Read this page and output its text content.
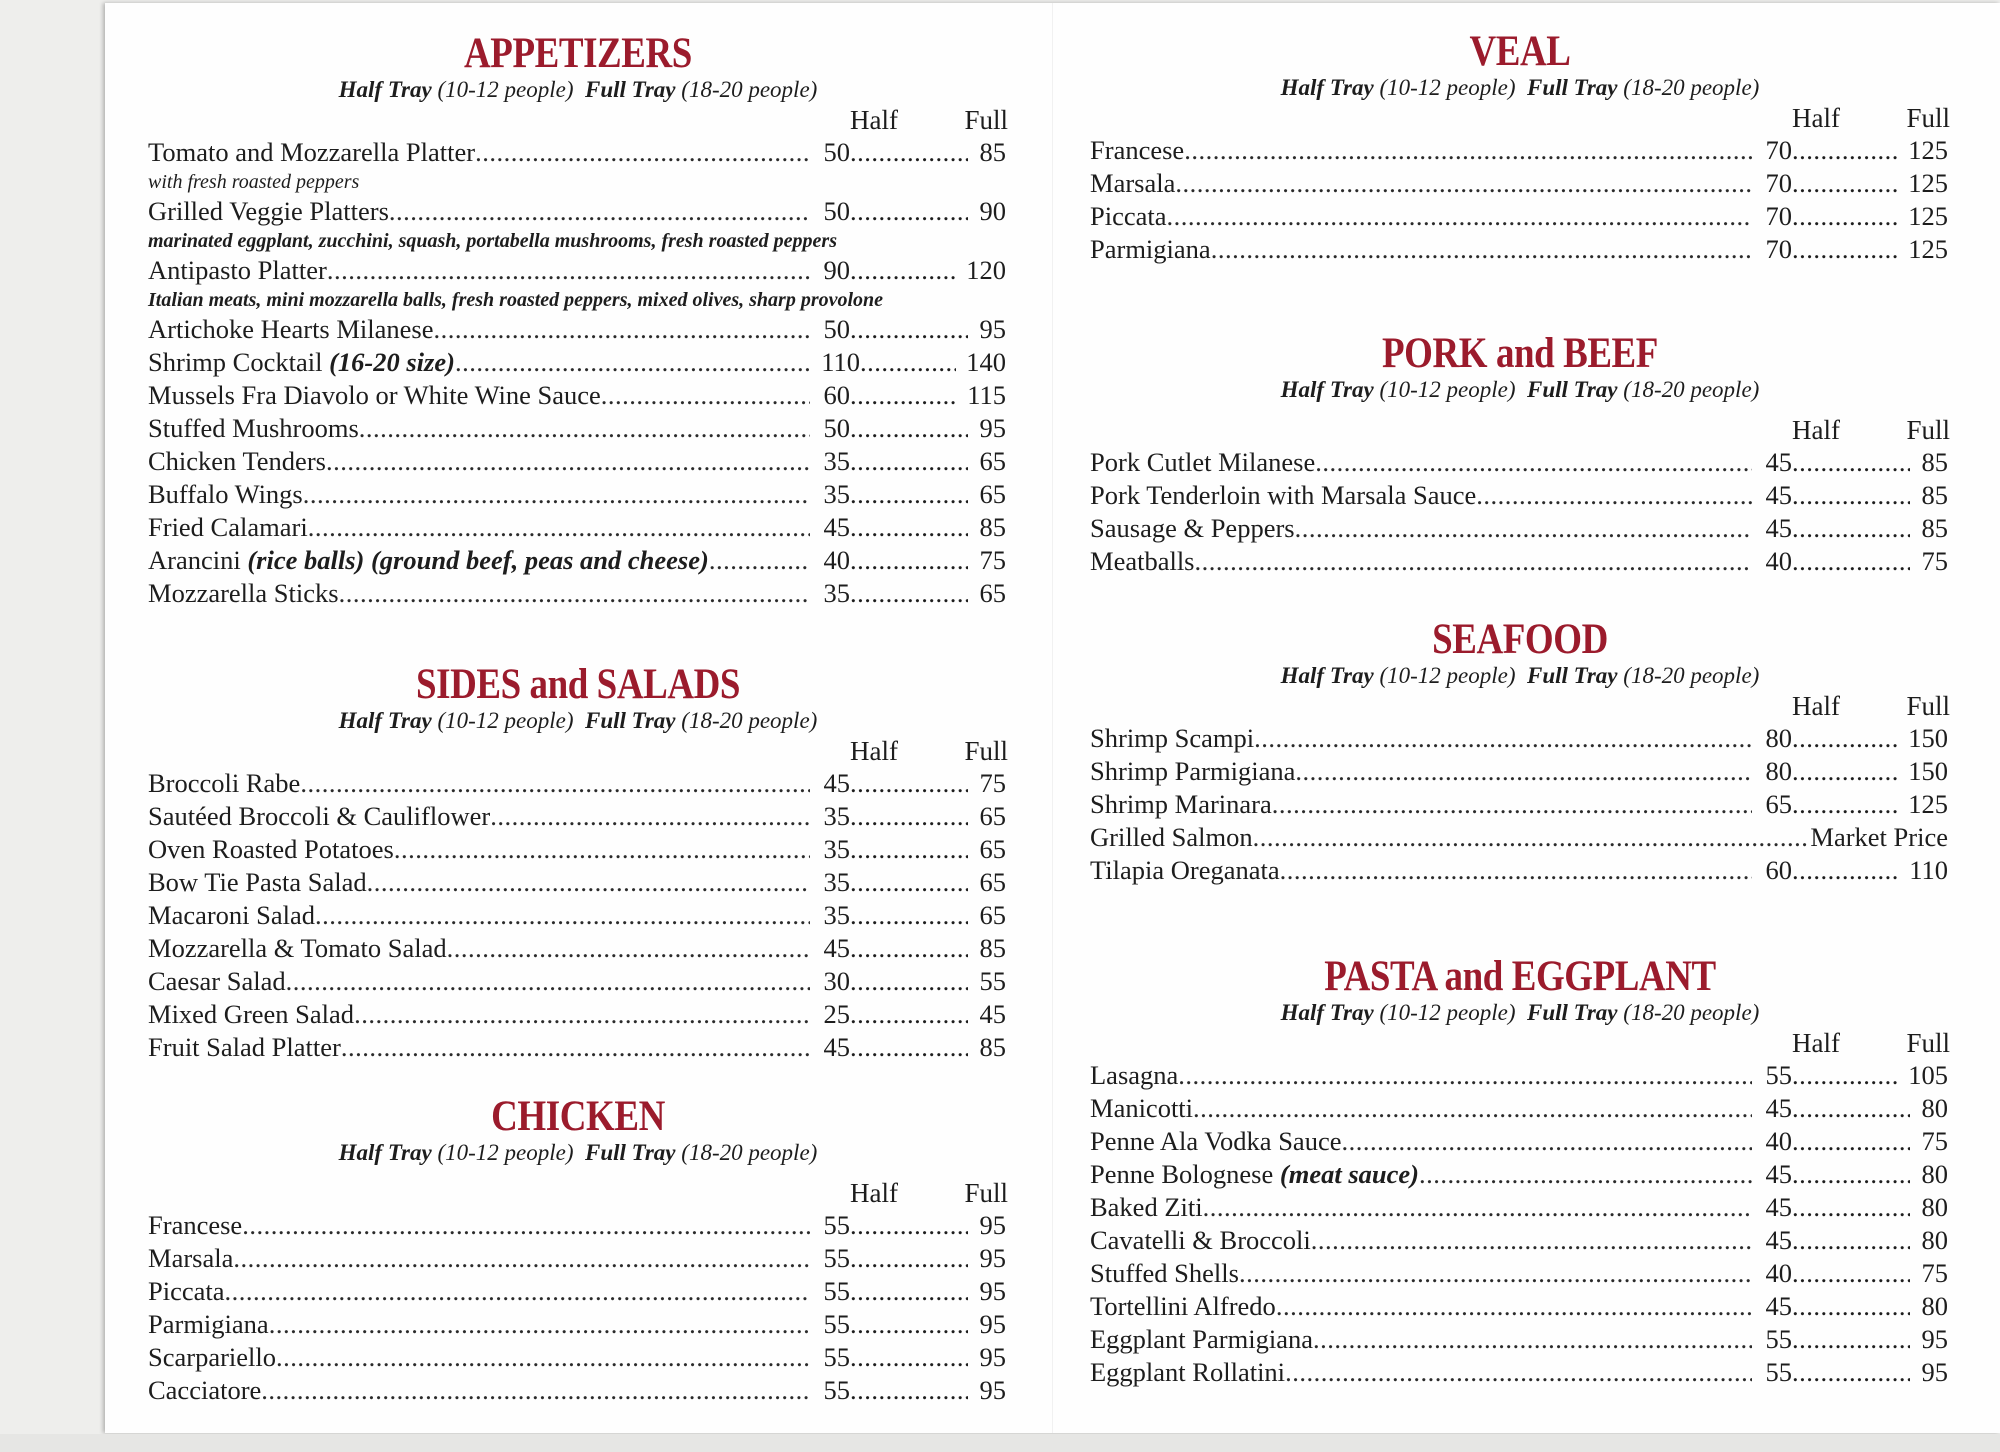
APPETIZERS
Half Tray (10-12 people) Full Tray (18-20 people)
Half	Full
Tomato and Mozzarella Platter .....	50 .....	85
with fresh roasted peppers
Grilled Veggie Platters .....	50 .....	90
marinated eggplant, zucchini, squash, portabella mushrooms, fresh roasted peppers
Antipasto Platter .....	90 .....	120
Italian meats, mini mozzarella balls, fresh roasted peppers, mixed olives, sharp provolone
Artichoke Hearts Milanese .....	50 .....	95
Shrimp Cocktail
(16-20 size) .....	110 .....	140
Mussels Fra Diavolo or White Wine Sauce .....	60 .....	115
Stuffed Mushrooms .....	50 .....	95
Chicken Tenders .....	35 .....	65
Buffalo Wings .....	35 .....	65
Fried Calamari .....	45 .....	85
Arancini
(rice balls) (ground beef, peas and cheese) .....	40 .....	75
Mozzarella Sticks .....	35 .....	65
SIDES and SALADS
Half Tray (10-12 people) Full Tray (18-20 people)
Half	Full
Broccoli Rabe .....	45 .....	75
Sautéed Broccoli & Cauliflower .....	35 .....	65
Oven Roasted Potatoes .....	35 .....	65
Bow Tie Pasta Salad .....	35 .....	65
Macaroni Salad .....	35 .....	65
Mozzarella & Tomato Salad .....	45 .....	85
Caesar Salad .....	30 .....	55
Mixed Green Salad .....	25 .....	45
Fruit Salad Platter .....	45 .....	85
CHICKEN
Half Tray (10-12 people) Full Tray (18-20 people)
Half	Full
Francese .....	55 .....	95
Marsala .....	55 .....	95
Piccata .....	55 .....	95
Parmigiana .....	55 .....	95
Scarpariello .....	55 .....	95
Cacciatore .....	55 .....	95
VEAL
Half Tray (10-12 people) Full Tray (18-20 people)
Half	Full
Francese .....	70 .....	125
Marsala .....	70 .....	125
Piccata .....	70 .....	125
Parmigiana .....	70 .....	125
PORK and BEEF
Half Tray (10-12 people) Full Tray (18-20 people)
Half	Full
Pork Cutlet Milanese .....	45 .....	85
Pork Tenderloin with Marsala Sauce .....	45 .....	85
Sausage & Peppers .....	45 .....	85
Meatballs .....	40 .....	75
SEAFOOD
Half Tray (10-12 people) Full Tray (18-20 people)
Half	Full
Shrimp Scampi .....	80 .....	150
Shrimp Parmigiana .....	80 .....	150
Shrimp Marinara .....	65 .....	125
Grilled Salmon .....	Market Price
Tilapia Oreganata .....	60 .....	110
PASTA and EGGPLANT
Half Tray (10-12 people) Full Tray (18-20 people)
Half	Full
Lasagna .....	55 .....	105
Manicotti .....	45 .....	80
Penne Ala Vodka Sauce .....	40 .....	75
Penne Bolognese
(meat sauce) .....	45 .....	80
Baked Ziti .....	45 .....	80
Cavatelli & Broccoli .....	45 .....	80
Stuffed Shells .....	40 .....	75
Tortellini Alfredo .....	45 .....	80
Eggplant Parmigiana .....	55 .....	95
Eggplant Rollatini .....	55 .....	95
